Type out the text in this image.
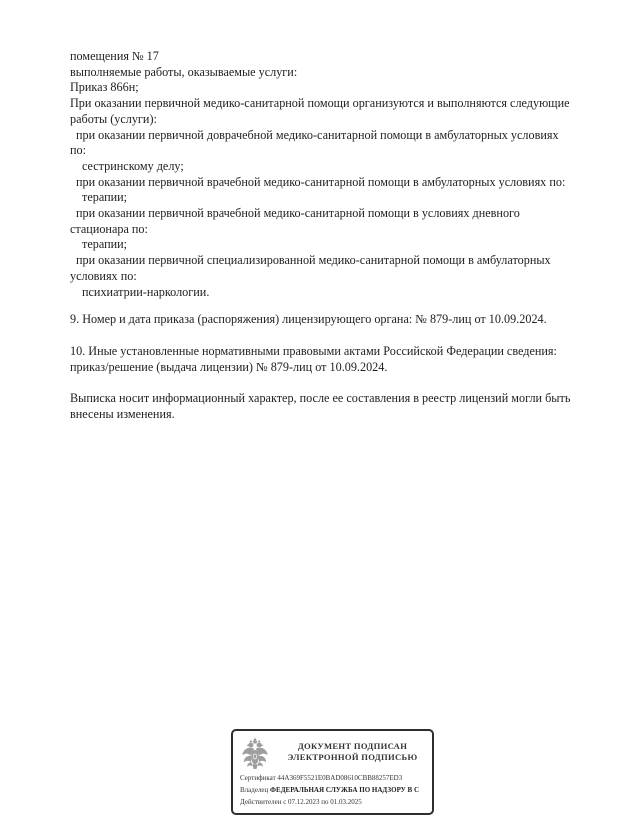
помещения № 17
выполняемые работы, оказываемые услуги:
Приказ 866н;
При оказании первичной медико-санитарной помощи организуются и выполняются следующие
работы (услуги):
при оказании первичной доврачебной медико-санитарной помощи в амбулаторных условиях
по:
сестринскому делу;
при оказании первичной врачебной медико-санитарной помощи в амбулаторных условиях по:
терапии;
при оказании первичной врачебной медико-санитарной помощи в условиях дневного
стационара по:
терапии;
при оказании первичной специализированной медико-санитарной помощи в амбулаторных
условиях по:
психиатрии-наркологии.
9. Номер и дата приказа (распоряжения) лицензирующего органа: № 879-лиц от 10.09.2024.
10. Иные установленные нормативными правовыми актами Российской Федерации сведения:
приказ/решение (выдача лицензии) № 879-лиц от 10.09.2024.
Выписка носит информационный характер, после ее составления в реестр лицензий могли быть
внесены изменения.
ДОКУМЕНТ ПОДПИСАН
ЭЛЕКТРОННОЙ ПОДПИСЬЮ
Сертификат 44A369F5521E0BAD08610CBB88257ED3
Владелец ФЕДЕРАЛЬНАЯ СЛУЖБА ПО НАДЗОРУ В С
Действителен с 07.12.2023 по 01.03.2025
